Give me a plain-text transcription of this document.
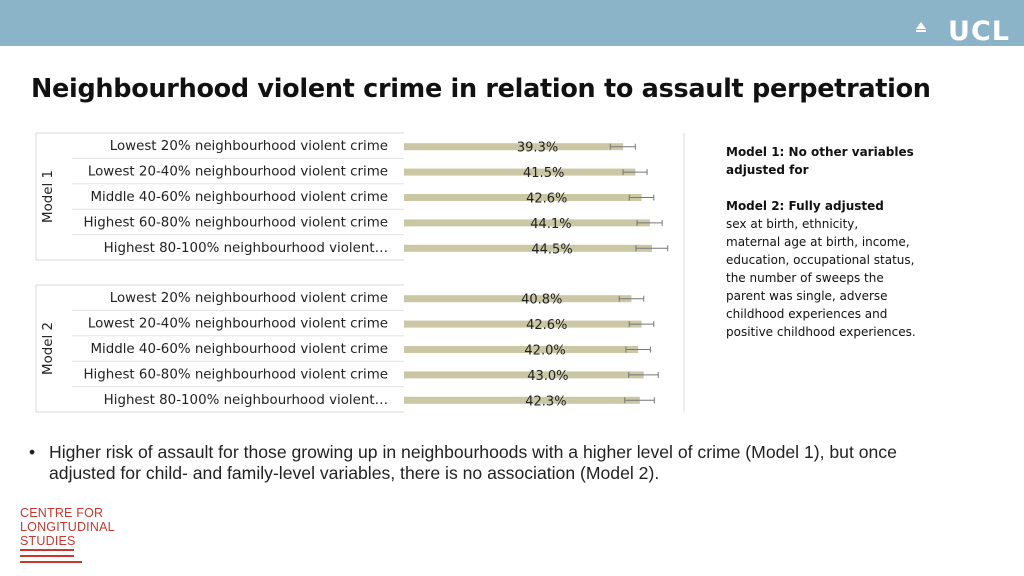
UCL
Neighbourhood violent crime in relation to assault perpetration
Model 1
Lowest 20% neighbourhood violent crime	39.3%
Lowest 20-40% neighbourhood violent crime	41.5%
Middle 40-60% neighbourhood violent crime	42.6%
Highest 60-80% neighbourhood violent crime	44.1%
Highest 80-100% neighbourhood violent…	44.5%
Model 2
Lowest 20% neighbourhood violent crime	40.8%
Lowest 20-40% neighbourhood violent crime	42.6%
Middle 40-60% neighbourhood violent crime	42.0%
Highest 60-80% neighbourhood violent crime	43.0%
Highest 80-100% neighbourhood violent…	42.3%

Model 1: No other variables adjusted for

Model 2: Fully adjusted
sex at birth, ethnicity, maternal age at birth, income, education, occupational status, the number of sweeps the parent was single, adverse childhood experiences and positive childhood experiences.

• Higher risk of assault for those growing up in neighbourhoods with a higher level of crime (Model 1), but once adjusted for child- and family-level variables, there is no association (Model 2).
CENTRE FOR
LONGITUDINAL
STUDIES
